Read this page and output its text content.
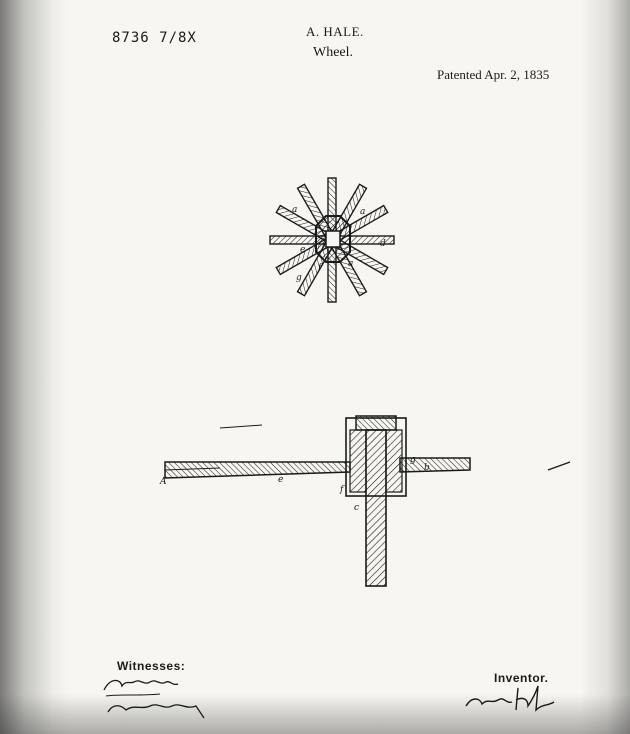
8736 7/8X	A. HALE.
Wheel.
Patented Apr. 2, 1835
a
e
a
d
a
g
f
A	e
f
g
b
c
Witnesses:
Inventor.
